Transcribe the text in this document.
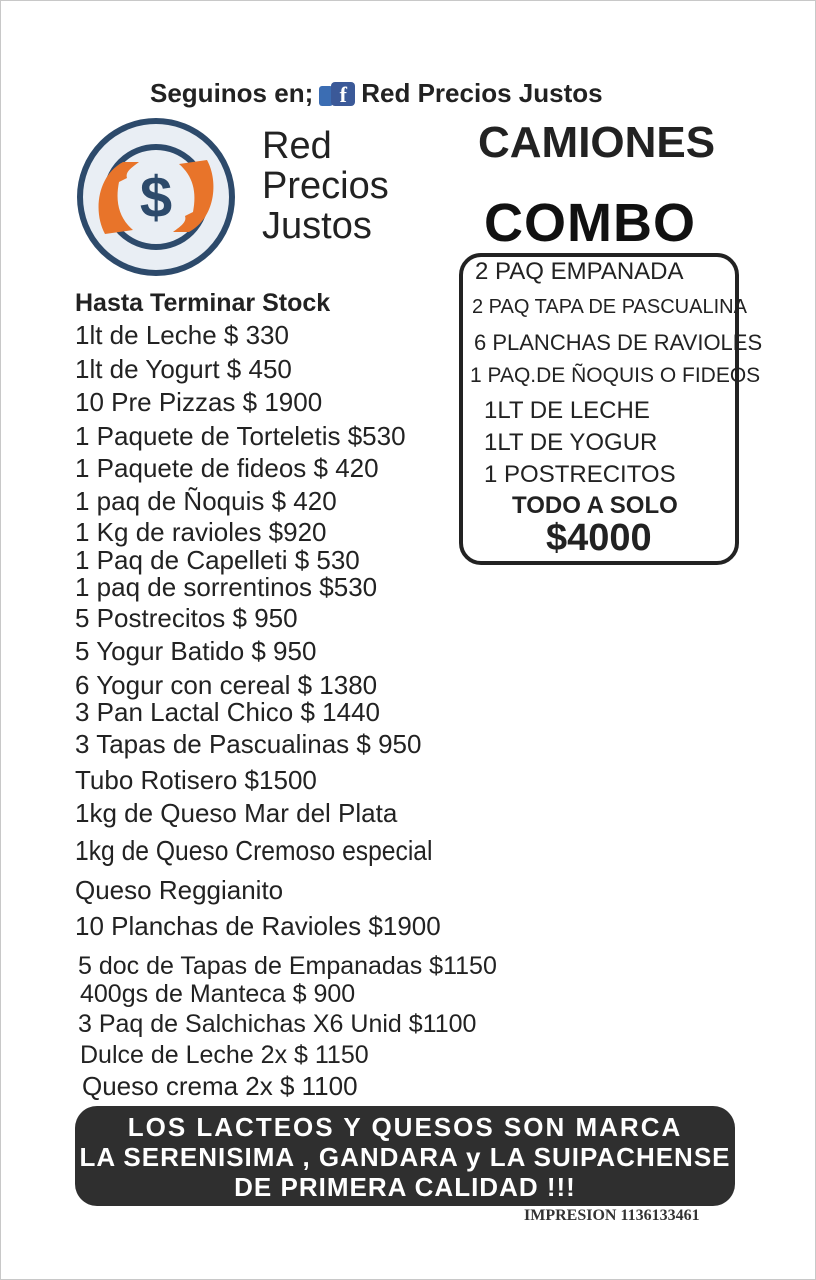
Seguinos en;	f Red Precios Justos
$
Red
Precios
Justos
CAMIONES
COMBO
2 PAQ EMPANADA
2 PAQ TAPA DE PASCUALINA
6 PLANCHAS DE RAVIOLES
1 PAQ.DE ÑOQUIS O FIDEOS
1LT DE LECHE
1LT DE YOGUR
1 POSTRECITOS
TODO A SOLO
$4000
Hasta Terminar Stock
1lt de Leche $ 330
1lt de Yogurt $ 450
10 Pre Pizzas $ 1900
1 Paquete de Torteletis $530
1 Paquete de fideos $ 420
1 paq de Ñoquis $ 420
1 Kg de ravioles $920
1 Paq de Capelleti $ 530
1 paq de sorrentinos $530
5 Postrecitos $ 950
5 Yogur Batido $ 950
6 Yogur con cereal $ 1380
3 Pan Lactal Chico $ 1440
3 Tapas de Pascualinas $ 950
Tubo Rotisero $1500
1kg de Queso Mar del Plata
1kg de Queso Cremoso especial
Queso Reggianito
10 Planchas de Ravioles $1900
5 doc de Tapas de Empanadas $1150
400gs de Manteca $ 900
3 Paq de Salchichas X6 Unid $1100
Dulce de Leche 2x $ 1150
Queso crema 2x $ 1100
LOS LACTEOS Y QUESOS SON MARCA
LA SERENISIMA , GANDARA y LA SUIPACHENSE
DE PRIMERA CALIDAD !!!
IMPRESION 1136133461
